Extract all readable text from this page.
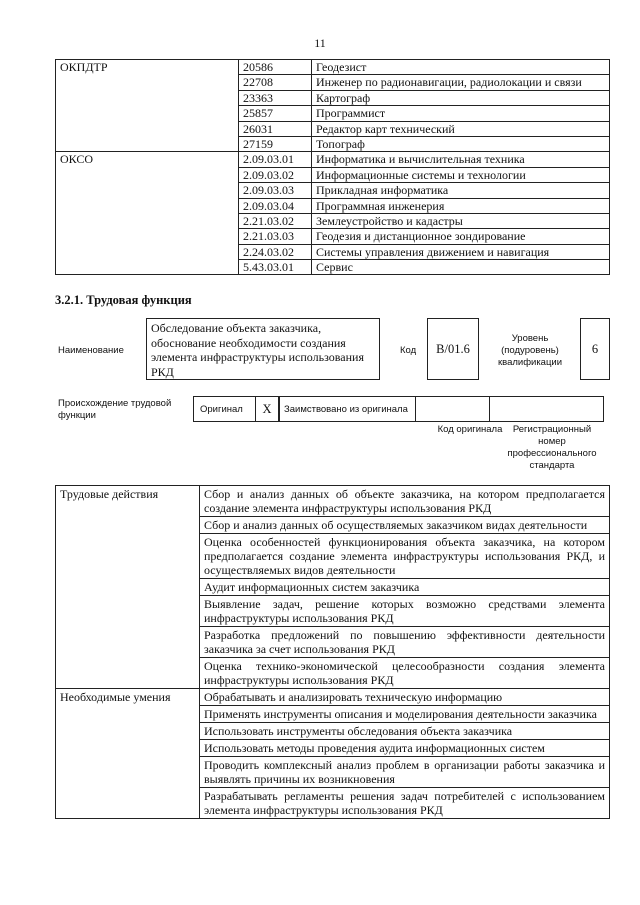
11
ОКПДТР	20586	Геодезист
	22708	Инженер по радионавигации, радиолокации и связи
	23363	Картограф
	25857	Программист
	26031	Редактор карт технический
	27159	Топограф
ОКСО	2.09.03.01	Информатика и вычислительная техника
	2.09.03.02	Информационные системы и технологии
	2.09.03.03	Прикладная информатика
	2.09.03.04	Программная инженерия
	2.21.03.02	Землеустройство и кадастры
	2.21.03.03	Геодезия и дистанционное зондирование
	2.24.03.02	Системы управления движением и навигация
	5.43.03.01	Сервис
3.2.1. Трудовая функция
Наименование
Обследование объекта заказчика, обоснование необходимости создания элемента инфраструктуры использования РКД
Код	B/01.6
Уровень (подуровень) квалификации
6
Происхождение трудовой функции
Оригинал	X	Заимствовано из оригинала
Код оригинала	Регистрационный номер профессионального стандарта
Трудовые действия	Сбор и анализ данных об объекте заказчика, на котором предполагается создание элемента инфраструктуры использования РКД
	Сбор и анализ данных об осуществляемых заказчиком видах деятельности
	Оценка особенностей функционирования объекта заказчика, на котором предполагается создание элемента инфраструктуры использования РКД, и осуществляемых видов деятельности
	Аудит информационных систем заказчика
	Выявление задач, решение которых возможно средствами элемента инфраструктуры использования РКД
	Разработка предложений по повышению эффективности деятельности заказчика за счет использования РКД
	Оценка технико-экономической целесообразности создания элемента инфраструктуры использования РКД
Необходимые умения	Обрабатывать и анализировать техническую информацию
	Применять инструменты описания и моделирования деятельности заказчика
	Использовать инструменты обследования объекта заказчика
	Использовать методы проведения аудита информационных систем
	Проводить комплексный анализ проблем в организации работы заказчика и выявлять причины их возникновения
	Разрабатывать регламенты решения задач потребителей с использованием элемента инфраструктуры использования РКД
